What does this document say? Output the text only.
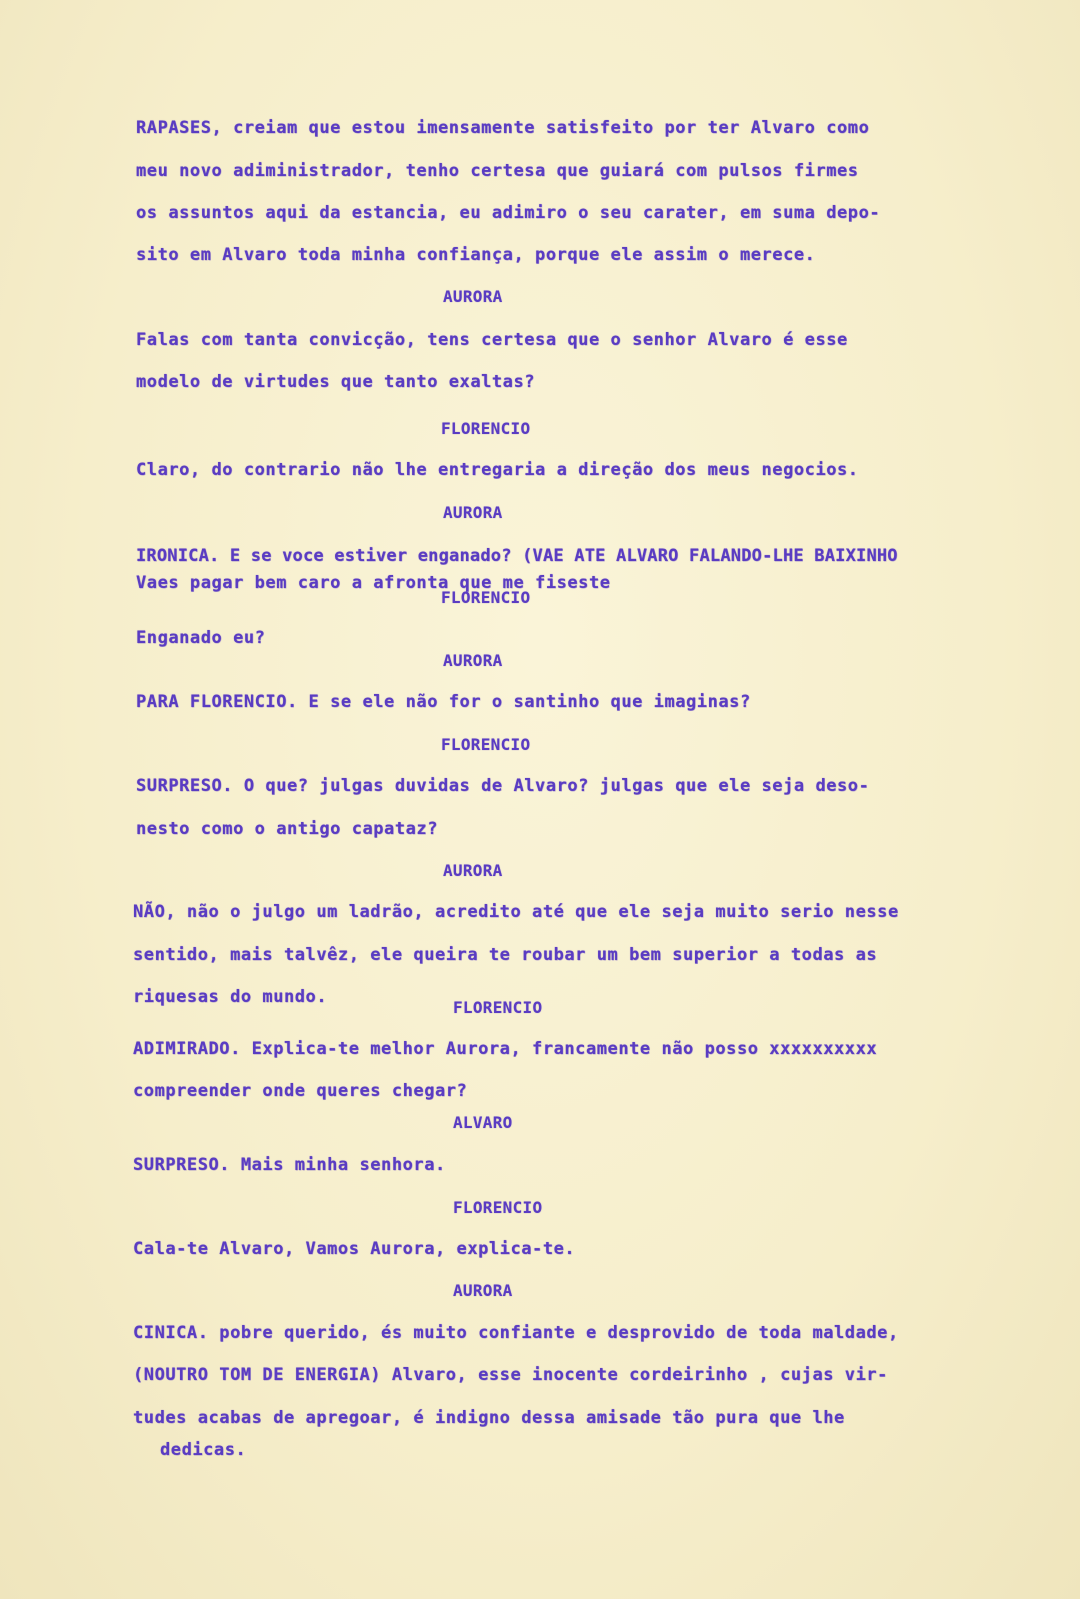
RAPASES, creiam que estou imensamente satisfeito por ter Alvaro como
meu novo adiministrador, tenho certesa que guiará com pulsos firmes
os assuntos aqui da estancia, eu adimiro o seu carater, em suma depo-
sito em Alvaro toda minha confiança, porque ele assim o merece.
AURORA
Falas com tanta convicção, tens certesa que o senhor Alvaro é esse
modelo de virtudes que tanto exaltas?
FLORENCIO
Claro, do contrario não lhe entregaria a direção dos meus negocios.
AURORA
IRONICA. E se voce estiver enganado? (VAE ATE ALVARO FALANDO-LHE BAIXINHO
Vaes pagar bem caro a afronta que me fiseste
FLORENCIO
Enganado eu?
AURORA
PARA FLORENCIO. E se ele não for o santinho que imaginas?
FLORENCIO
SURPRESO. O que? julgas duvidas de Alvaro? julgas que ele seja deso-
nesto como o antigo capataz?
AURORA
NÃO, não o julgo um ladrão, acredito até que ele seja muito serio nesse
sentido, mais talvêz, ele queira te roubar um bem superior a todas as
riquesas do mundo.
FLORENCIO
ADIMIRADO. Explica-te melhor Aurora, francamente não posso xxxxxxxxxx
compreender onde queres chegar?
ALVARO
SURPRESO. Mais minha senhora.
FLORENCIO
Cala-te Alvaro, Vamos Aurora, explica-te.
AURORA
CINICA. pobre querido, és muito confiante e desprovido de toda maldade,
(NOUTRO TOM DE ENERGIA) Alvaro, esse inocente cordeirinho , cujas vir-
tudes acabas de apregoar, é indigno dessa amisade tão pura que lhe
dedicas.
